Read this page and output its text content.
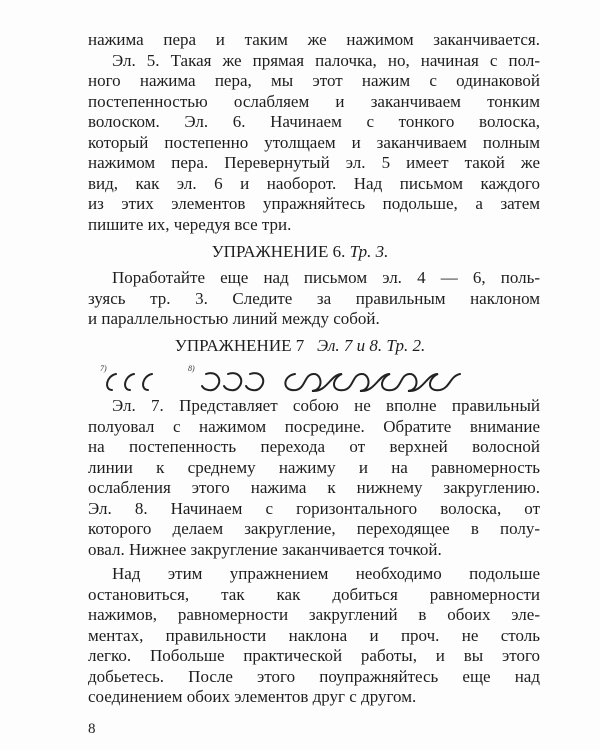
нажима пера и таким же нажимом заканчивается.
Эл. 5. Такая же прямая палочка, но, начиная с пол-
ного нажима пера, мы этот нажим с одинаковой
постепенностью ослабляем и заканчиваем тонким
волоском. Эл. 6. Начинаем с тонкого волоска,
который постепенно утолщаем и заканчиваем полным
нажимом пера. Перевернутый эл. 5 имеет такой же
вид, как эл. 6 и наоборот. Над письмом каждого
из этих элементов упражняйтесь подольше, а затем
пишите их, чередуя все три.
УПРАЖНЕНИЕ 6. Тр. 3.
Поработайте еще над письмом эл. 4 — 6, поль-
зуясь тр. 3. Следите за правильным наклоном
и параллельностью линий между собой.
УПРАЖНЕНИЕ 7 Эл. 7 и 8. Тр. 2.
7)	8)
Эл. 7. Представляет собою не вполне правильный
полуовал с нажимом посредине. Обратите внимание
на постепенность перехода от верхней волосной
линии к среднему нажиму и на равномерность
ослабления этого нажима к нижнему закруглению.
Эл. 8. Начинаем с горизонтального волоска, от
которого делаем закругление, переходящее в полу-
овал. Нижнее закругление заканчивается точкой.
Над этим упражнением необходимо подольше
остановиться, так как добиться равномерности
нажимов, равномерности закруглений в обоих эле-
ментах, правильности наклона и проч. не столь
легко. Побольше практической работы, и вы этого
добьетесь. После этого поупражняйтесь еще над
соединением обоих элементов друг с другом.
8
